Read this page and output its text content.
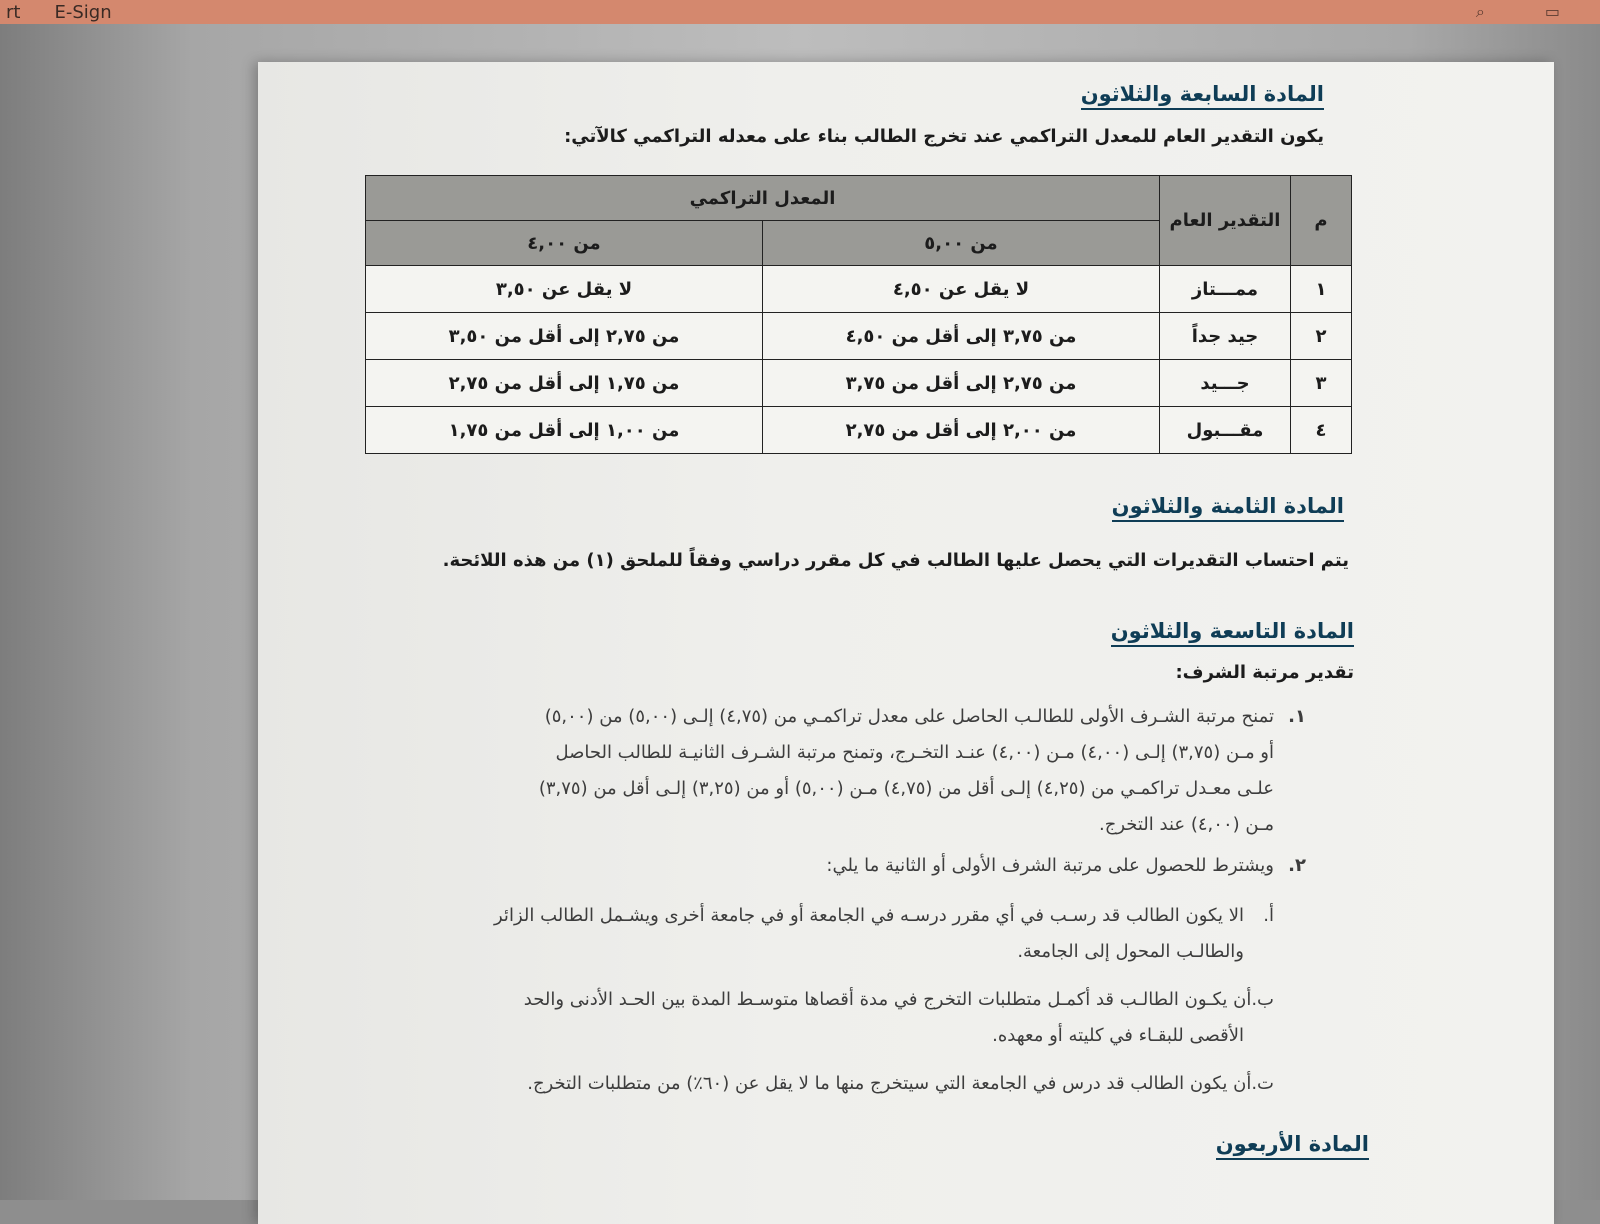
rt E-Sign	⌕	▭
المادة السابعة والثلاثون
يكون التقدير العام للمعدل التراكمي عند تخرج الطالب بناء على معدله التراكمي كالآتي:
م	التقدير العام	المعدل التراكمي	
		من ٥,٠٠	من ٤,٠٠
١	ممـــتاز	لا يقل عن ٤,٥٠	لا يقل عن ٣,٥٠
٢	جيد جداً	من ٣,٧٥ إلى أقل من ٤,٥٠	من ٢,٧٥ إلى أقل من ٣,٥٠
٣	جـــيد	من ٢,٧٥ إلى أقل من ٣,٧٥	من ١,٧٥ إلى أقل من ٢,٧٥
٤	مقـــبول	من ٢,٠٠ إلى أقل من ٢,٧٥	من ١,٠٠ إلى أقل من ١,٧٥
المادة الثامنة والثلاثون
يتم احتساب التقديرات التي يحصل عليها الطالب في كل مقرر دراسي وفقاً للملحق (١) من هذه اللائحة.
المادة التاسعة والثلاثون
تقدير مرتبة الشرف:
١.
تمنح مرتبة الشـرف الأولى للطالـب الحاصل على معدل تراكمـي من (٤,٧٥) إلـى (٥,٠٠) من (٥,٠٠)
أو مـن (٣,٧٥) إلـى (٤,٠٠) مـن (٤,٠٠) عنـد التخـرج، وتمنح مرتبة الشـرف الثانيـة للطالب الحاصل
علـى معـدل تراكمـي من (٤,٢٥) إلـى أقل من (٤,٧٥) مـن (٥,٠٠) أو من (٣,٢٥) إلـى أقل من (٣,٧٥)
مـن (٤,٠٠) عند التخرج.
٢.
ويشترط للحصول على مرتبة الشرف الأولى أو الثانية ما يلي:
أ.
الا يكون الطالب قد رسـب في أي مقرر درسـه في الجامعة أو في جامعة أخرى ويشـمل الطالب الزائر
والطالـب المحول إلى الجامعة.
ب.أن يكـون الطالـب قد أكمـل متطلبات التخرج في مدة أقصاها متوسـط المدة بين الحـد الأدنى والحد
الأقصى للبقـاء في كليته أو معهده.
ت.أن يكون الطالب قد درس في الجامعة التي سيتخرج منها ما لا يقل عن (٦٠٪) من متطلبات التخرج.
المادة الأربعون
